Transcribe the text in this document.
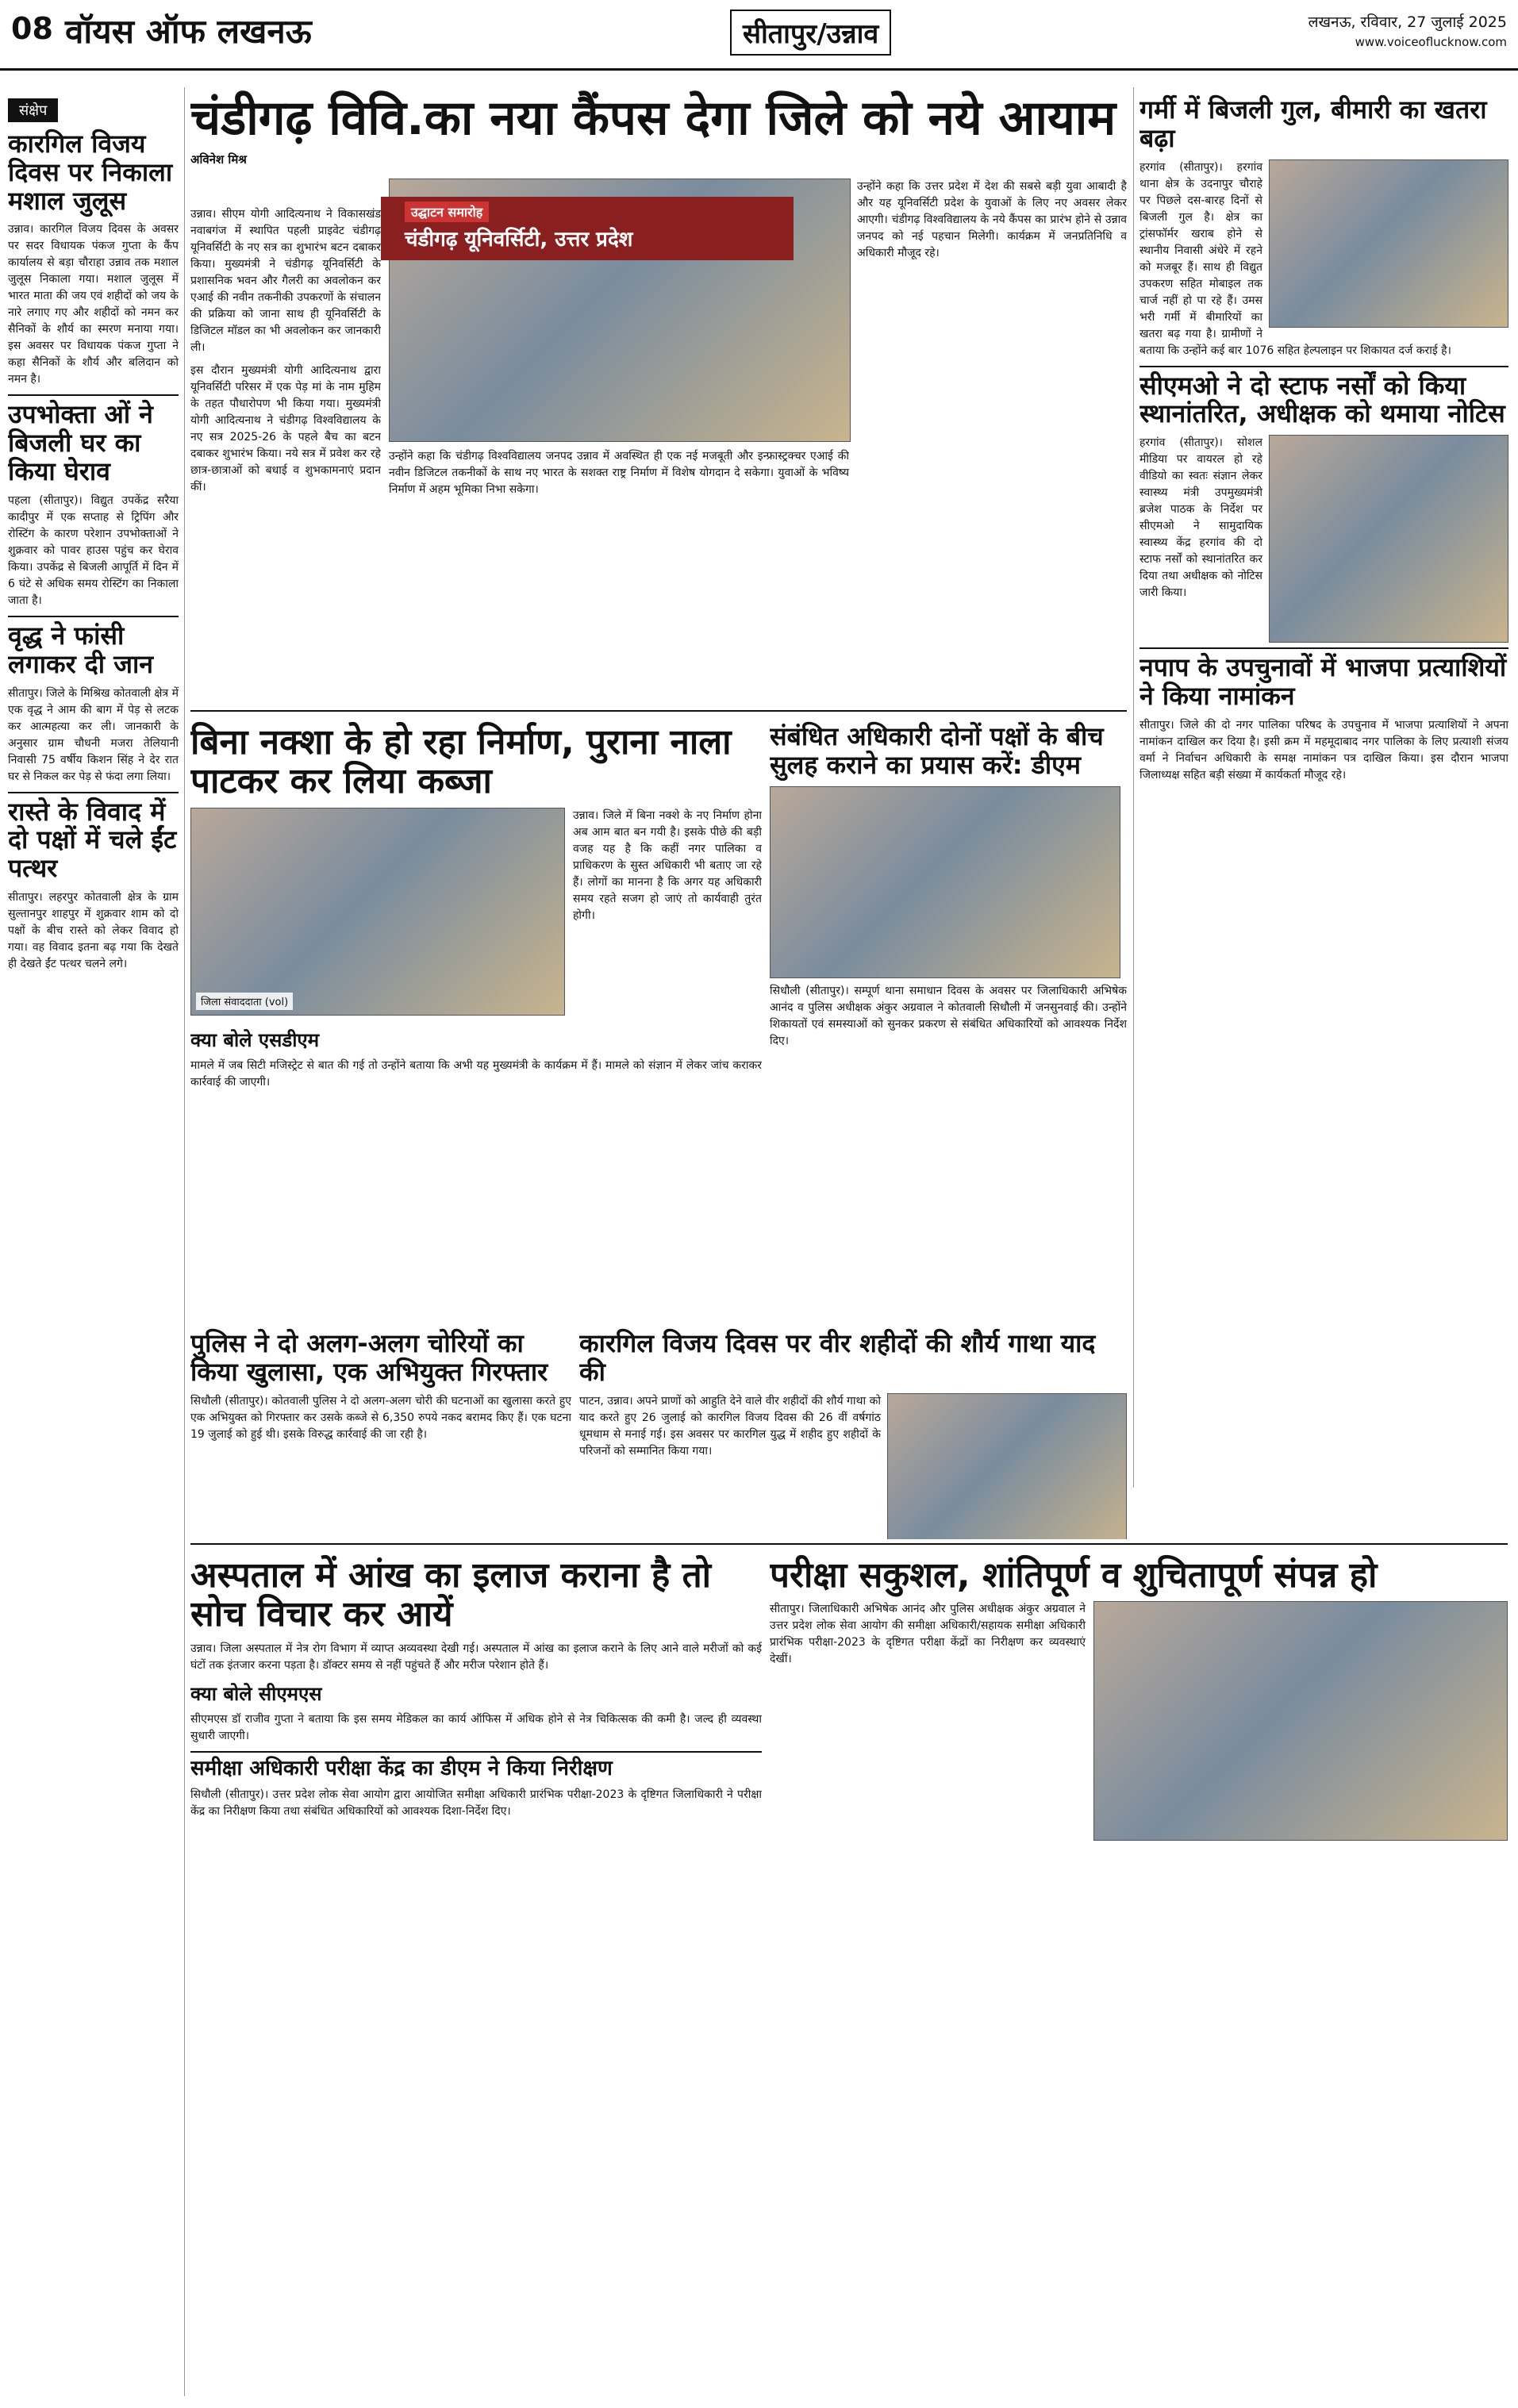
08 वॉयस ऑफ लखनऊ	सीतापुर/उन्नाव	लखनऊ, रविवार, 27 जुलाई 2025
www.voiceoflucknow.com
संक्षेप
कारगिल विजय दिवस पर निकाला मशाल जुलूस

उन्नाव। कारगिल विजय दिवस के अवसर पर सदर विधायक पंकज गुप्ता के कैंप कार्यालय से बड़ा चौराहा उन्नाव तक मशाल जुलूस निकाला गया। मशाल जुलूस में भारत माता की जय एवं शहीदों को जय के नारे लगाए गए और शहीदों को नमन कर सैनिकों के शौर्य का स्मरण मनाया गया। इस अवसर पर विधायक पंकज गुप्ता ने कहा सैनिकों के शौर्य और बलिदान को नमन है।

उपभोक्ता ओं ने बिजली घर का किया घेराव

पहला (सीतापुर)। विद्युत उपकेंद्र सरैया कादीपुर में एक सप्ताह से ट्रिपिंग और रोस्टिंग के कारण परेशान उपभोक्ताओं ने शुक्रवार को पावर हाउस पहुंच कर घेराव किया। उपकेंद्र से बिजली आपूर्ति में दिन में 6 घंटे से अधिक समय रोस्टिंग का निकाला जाता है।

वृद्ध ने फांसी लगाकर दी जान

सीतापुर। जिले के मिश्रिख कोतवाली क्षेत्र में एक वृद्ध ने आम की बाग में पेड़ से लटक कर आत्महत्या कर ली। जानकारी के अनुसार ग्राम चौधनी मजरा तेलियानी निवासी 75 वर्षीय किशन सिंह ने देर रात घर से निकल कर पेड़ से फंदा लगा लिया।

रास्ते के विवाद में दो पक्षों में चले ईंट पत्थर

सीतापुर। लहरपुर कोतवाली क्षेत्र के ग्राम सुल्तानपुर शाहपुर में शुक्रवार शाम को दो पक्षों के बीच रास्ते को लेकर विवाद हो गया। वह विवाद इतना बढ़ गया कि देखते ही देखते ईंट पत्थर चलने लगे।

चंडीगढ़ विवि.का नया कैंपस देगा जिले को नये आयाम
अविनेश मिश्र
उद्घाटन समारोह
चंडीगढ़ यूनिवर्सिटी, उत्तर प्रदेश

उन्नाव। सीएम योगी आदित्यनाथ ने विकासखंड नवाबगंज में स्थापित पहली प्राइवेट चंडीगढ़ यूनिवर्सिटी के नए सत्र का शुभारंभ बटन दबाकर किया। मुख्यमंत्री ने चंडीगढ़ यूनिवर्सिटी के प्रशासनिक भवन और गैलरी का अवलोकन कर एआई की नवीन तकनीकी उपकरणों के संचालन की प्रक्रिया को जाना साथ ही यूनिवर्सिटी के डिजिटल मॉडल का भी अवलोकन कर जानकारी ली।

इस दौरान मुख्यमंत्री योगी आदित्यनाथ द्वारा यूनिवर्सिटी परिसर में एक पेड़ मां के नाम मुहिम के तहत पौधारोपण भी किया गया। मुख्यमंत्री योगी आदित्यनाथ ने चंडीगढ़ विश्वविद्यालय के नए सत्र 2025-26 के पहले बैच का बटन दबाकर शुभारंभ किया। नये सत्र में प्रवेश कर रहे छात्र-छात्राओं को बधाई व शुभकामनाएं प्रदान कीं।

उन्होंने कहा कि चंडीगढ़ विश्वविद्यालय जनपद उन्नाव में अवस्थित ही एक नई मजबूती और इन्फ्रास्ट्रक्चर एआई की नवीन डिजिटल तकनीकों के साथ नए भारत के सशक्त राष्ट्र निर्माण में विशेष योगदान दे सकेगा। युवाओं के भविष्य निर्माण में अहम भूमिका निभा सकेगा।

उन्होंने कहा कि उत्तर प्रदेश में देश की सबसे बड़ी युवा आबादी है और यह यूनिवर्सिटी प्रदेश के युवाओं के लिए नए अवसर लेकर आएगी। चंडीगढ़ विश्वविद्यालय के नये कैंपस का प्रारंभ होने से उन्नाव जनपद को नई पहचान मिलेगी। कार्यक्रम में जनप्रतिनिधि व अधिकारी मौजूद रहे।

गर्मी में बिजली गुल, बीमारी का खतरा बढ़ा

हरगांव (सीतापुर)। हरगांव थाना क्षेत्र के उदनापुर चौराहे पर पिछले दस-बारह दिनों से बिजली गुल है। क्षेत्र का ट्रांसफॉर्मर खराब होने से स्थानीय निवासी अंधेरे में रहने को मजबूर हैं। साथ ही विद्युत उपकरण सहित मोबाइल तक चार्ज नहीं हो पा रहे हैं। उमस भरी गर्मी में बीमारियों का खतरा बढ़ गया है। ग्रामीणों ने बताया कि उन्होंने कई बार 1076 सहित हेल्पलाइन पर शिकायत दर्ज कराई है।

सीएमओ ने दो स्टाफ नर्सों को किया स्थानांतरित, अधीक्षक को थमाया नोटिस

हरगांव (सीतापुर)। सोशल मीडिया पर वायरल हो रहे वीडियो का स्वतः संज्ञान लेकर स्वास्थ्य मंत्री उपमुख्यमंत्री ब्रजेश पाठक के निर्देश पर सीएमओ ने सामुदायिक स्वास्थ्य केंद्र हरगांव की दो स्टाफ नर्सों को स्थानांतरित कर दिया तथा अधीक्षक को नोटिस जारी किया।

नपाप के उपचुनावों में भाजपा प्रत्याशियों ने किया नामांकन

सीतापुर। जिले की दो नगर पालिका परिषद के उपचुनाव में भाजपा प्रत्याशियों ने अपना नामांकन दाखिल कर दिया है। इसी क्रम में महमूदाबाद नगर पालिका के लिए प्रत्याशी संजय वर्मा ने निर्वाचन अधिकारी के समक्ष नामांकन पत्र दाखिल किया। इस दौरान भाजपा जिलाध्यक्ष सहित बड़ी संख्या में कार्यकर्ता मौजूद रहे।

बिना नक्शा के हो रहा निर्माण, पुराना नाला पाटकर कर लिया कब्जा
जिला संवाददाता (vol)

उन्नाव। जिले में बिना नक्शे के नए निर्माण होना अब आम बात बन गयी है। इसके पीछे की बड़ी वजह यह है कि कहीं नगर पालिका व प्राधिकरण के सुस्त अधिकारी भी बताए जा रहे हैं। लोगों का मानना है कि अगर यह अधिकारी समय रहते सजग हो जाएं तो कार्यवाही तुरंत होगी।

क्या बोले एसडीएम

मामले में जब सिटी मजिस्ट्रेट से बात की गई तो उन्होंने बताया कि अभी यह मुख्यमंत्री के कार्यक्रम में हैं। मामले को संज्ञान में लेकर जांच कराकर कार्रवाई की जाएगी।

संबंधित अधिकारी दोनों पक्षों के बीच सुलह कराने का प्रयास करें: डीएम

सिधौली (सीतापुर)। सम्पूर्ण थाना समाधान दिवस के अवसर पर जिलाधिकारी अभिषेक आनंद व पुलिस अधीक्षक अंकुर अग्रवाल ने कोतवाली सिधौली में जनसुनवाई की। उन्होंने शिकायतों एवं समस्याओं को सुनकर प्रकरण से संबंधित अधिकारियों को आवश्यक निर्देश दिए।

पुलिस ने दो अलग-अलग चोरियों का किया खुलासा, एक अभियुक्त गिरफ्तार

सिधौली (सीतापुर)। कोतवाली पुलिस ने दो अलग-अलग चोरी की घटनाओं का खुलासा करते हुए एक अभियुक्त को गिरफ्तार कर उसके कब्जे से 6,350 रुपये नकद बरामद किए हैं। एक घटना 19 जुलाई को हुई थी। इसके विरुद्ध कार्रवाई की जा रही है।

कारगिल विजय दिवस पर वीर शहीदों की शौर्य गाथा याद की

पाटन, उन्नाव। अपने प्राणों को आहुति देने वाले वीर शहीदों की शौर्य गाथा को याद करते हुए 26 जुलाई को कारगिल विजय दिवस की 26 वीं वर्षगांठ धूमधाम से मनाई गई। इस अवसर पर कारगिल युद्ध में शहीद हुए शहीदों के परिजनों को सम्मानित किया गया।

अस्पताल में आंख का इलाज कराना है तो सोच विचार कर आयें

उन्नाव। जिला अस्पताल में नेत्र रोग विभाग में व्याप्त अव्यवस्था देखी गई। अस्पताल में आंख का इलाज कराने के लिए आने वाले मरीजों को कई घंटों तक इंतजार करना पड़ता है। डॉक्टर समय से नहीं पहुंचते हैं और मरीज परेशान होते हैं।

क्या बोले सीएमएस

सीएमएस डॉ राजीव गुप्ता ने बताया कि इस समय मेडिकल का कार्य ऑफिस में अधिक होने से नेत्र चिकित्सक की कमी है। जल्द ही व्यवस्था सुधारी जाएगी।

समीक्षा अधिकारी परीक्षा केंद्र का डीएम ने किया निरीक्षण

सिधौली (सीतापुर)। उत्तर प्रदेश लोक सेवा आयोग द्वारा आयोजित समीक्षा अधिकारी प्रारंभिक परीक्षा-2023 के दृष्टिगत जिलाधिकारी ने परीक्षा केंद्र का निरीक्षण किया तथा संबंधित अधिकारियों को आवश्यक दिशा-निर्देश दिए।

परीक्षा सकुशल, शांतिपूर्ण व शुचितापूर्ण संपन्न हो

सीतापुर। जिलाधिकारी अभिषेक आनंद और पुलिस अधीक्षक अंकुर अग्रवाल ने उत्तर प्रदेश लोक सेवा आयोग की समीक्षा अधिकारी/सहायक समीक्षा अधिकारी प्रारंभिक परीक्षा-2023 के दृष्टिगत परीक्षा केंद्रों का निरीक्षण कर व्यवस्थाएं देखीं।
